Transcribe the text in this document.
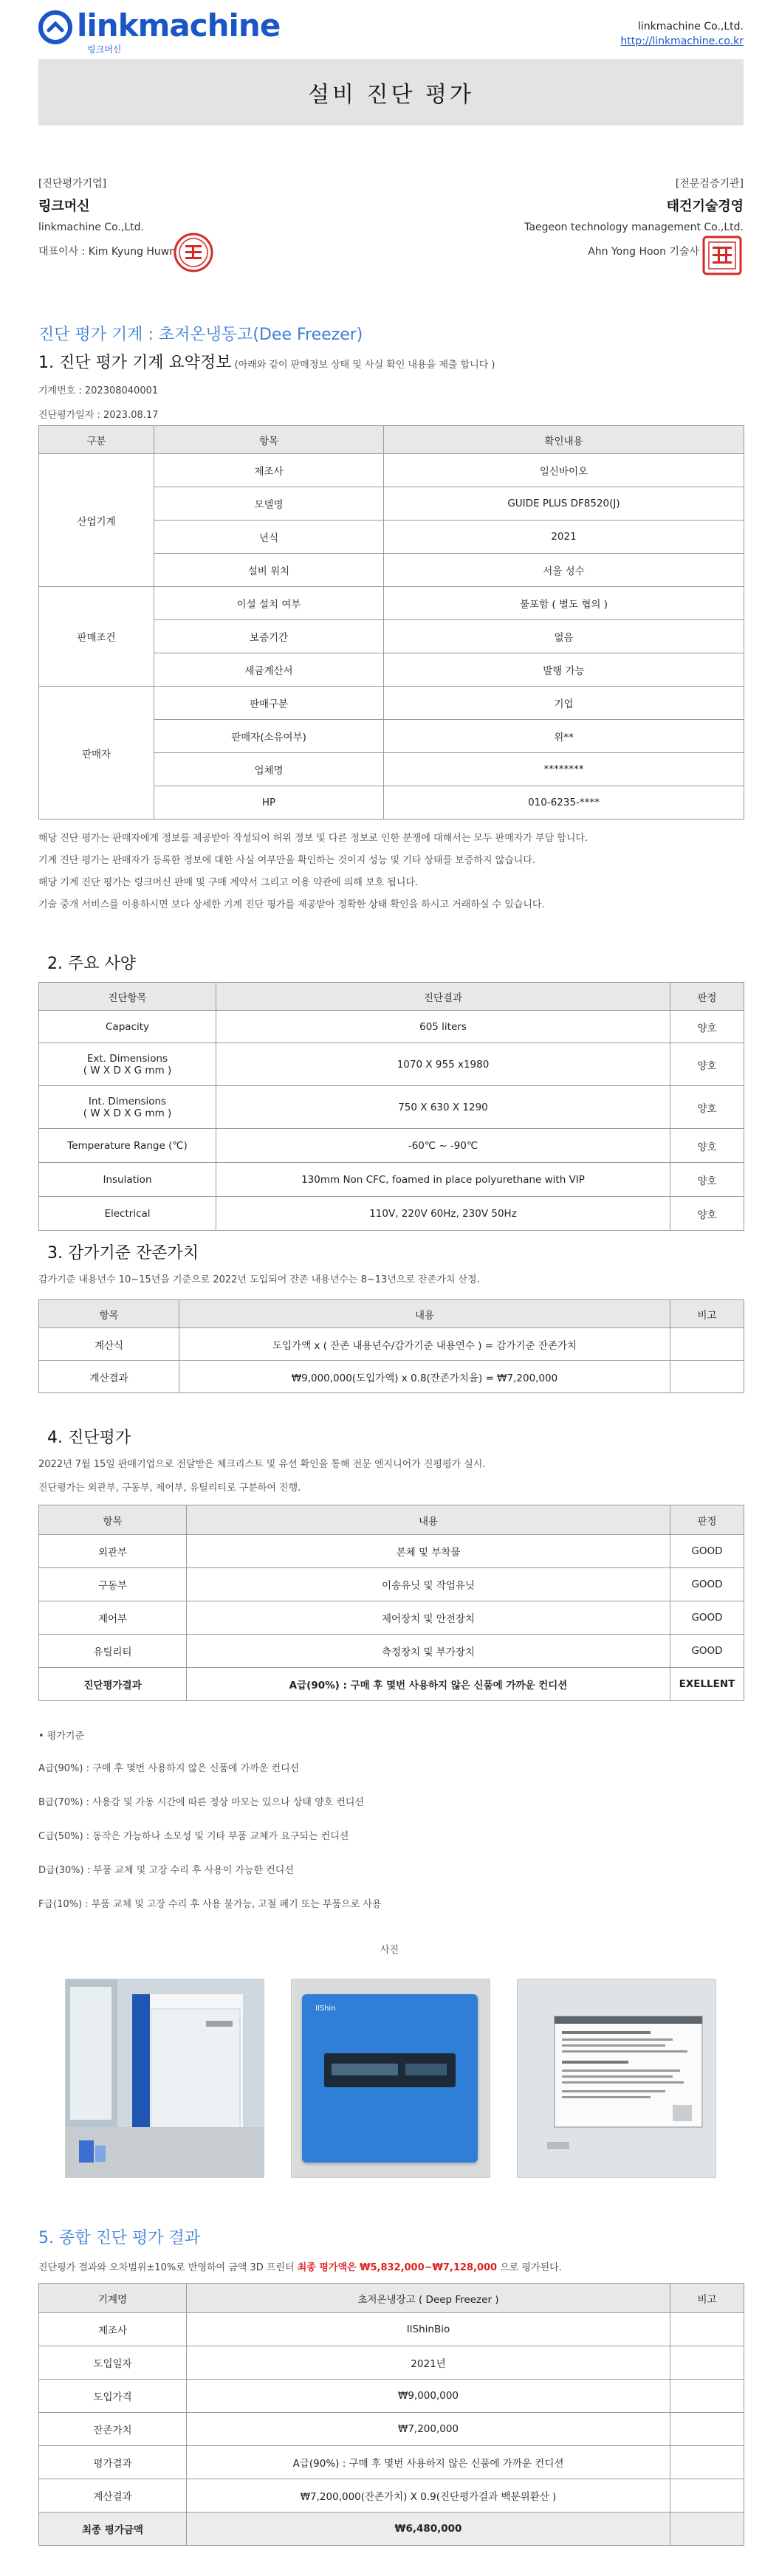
linkmachine
링크머신
linkmachine Co.,Ltd.
http://linkmachine.co.kr
설비 진단 평가
[진단평가기업]
링크머신
linkmachine Co.,Ltd.
대표이사 : Kim Kyung Huwn
[전문검증기관]
태건기술경영
Taegeon technology management Co.,Ltd.
Ahn Yong Hoon 기술사
진단 평가 기계 : 초저온냉동고(Dee Freezer)
1. 진단 평가 기계 요약정보 (아래와 같이 판매정보 상태 및 사실 확인 내용을 제출 합니다 )
기계번호 : 202308040001
진단평가일자 : 2023.08.17
구분	항목	확인내용
산업기계	제조사	일신바이오
	모델명	GUIDE PLUS DF8520(J)
	년식	2021
	설비 위치	서울 성수
판매조건	이설 설치 여부	불포함 ( 별도 협의 )
	보증기간	없음
	세금계산서	발행 가능
판매자	판매구분	기업
	판매자(소유여부)	위**
	업체명	********
	HP	010-6235-****
해당 진단 평가는 판매자에게 정보를 제공받아 작성되어 허위 정보 및 다른 정보로 인한 분쟁에 대해서는 모두 판매자가 부담 합니다.
기계 진단 평가는 판매자가 등록한 정보에 대한 사실 여부만을 확인하는 것이지 성능 및 기타 상태를 보증하지 않습니다.
해당 기계 진단 평가는 링크머신 판매 및 구매 계약서 그리고 이용 약관에 의해 보호 됩니다.
기술 중개 서비스를 이용하시면 보다 상세한 기계 진단 평가를 제공받아 정확한 상태 확인을 하시고 거래하실 수 있습니다.
2. 주요 사양
진단항목	진단결과	판정
Capacity	605 liters	양호

Ext. Dimensions
( W X D X G mm )	1070 X 955 x1980	양호

Int. Dimensions
( W X D X G mm )	750 X 630 X 1290	양호
Temperature Range (℃)	-60℃ ~ -90℃	양호
Insulation	130mm Non CFC, foamed in place polyurethane with VIP	양호
Electrical	110V, 220V 60Hz, 230V 50Hz	양호
3. 감가기준 잔존가치
감가기준 내용년수 10~15년을 기준으로 2022년 도입되어 잔존 내용년수는 8~13년으로 잔존가치 산정.
항목	내용	비고
계산식	도입가액 x ( 잔존 내용년수/감가기준 내용연수 ) = 감가기준 잔존가치	
계산결과	₩9,000,000(도입가액) x 0.8(잔존가치율) = ₩7,200,000	
4. 진단평가
2022년 7월 15일 판매기업으로 전달받은 체크리스트 및 유선 확인을 통해 전문 엔지니어가 진평평가 실시.
진단평가는 외관부, 구동부, 제어부, 유틸리티로 구분하여 진행.
항목	내용	판정
외관부	본체 및 부착물	GOOD
구동부	이송유닛 및 작업유닛	GOOD
제어부	제어장치 및 안전장치	GOOD
유틸리티	측정장치 및 부가장치	GOOD
진단평가결과	A급(90%) : 구매 후 몇번 사용하지 않은 신품에 가까운 컨디션	EXELLENT
• 평가기준
A급(90%) : 구매 후 몇번 사용하지 않은 신품에 가까운 컨디션
B급(70%) : 사용감 및 가동 시간에 따른 정상 마모는 있으나 상태 양호 컨디션
C급(50%) : 동작은 가능하나 소모성 및 기타 부품 교체가 요구되는 컨디션
D급(30%) : 부품 교체 및 고장 수리 후 사용이 가능한 컨디션
F급(10%) : 부품 교체 및 고장 수리 후 사용 불가능, 고철 폐기 또는 부품으로 사용
사진
IlShin
5. 종합 진단 평가 결과
진단평가 결과와 오차범위±10%로 반영하여 금액 3D 프린터 최종 평가액은 ₩5,832,000~₩7,128,000 으로 평가된다.
기계명	초저온냉장고 ( Deep Freezer )	비고
제조사	IlShinBio	
도입일자	2021년	
도입가격	₩9,000,000	
잔존가치	₩7,200,000	
평가결과	A급(90%) : 구매 후 몇번 사용하지 않은 신품에 가까운 컨디션	
계산결과	₩7,200,000(잔존가치) X 0.9(진단평가결과 백분위환산 )	
최종 평가금액	₩6,480,000	
